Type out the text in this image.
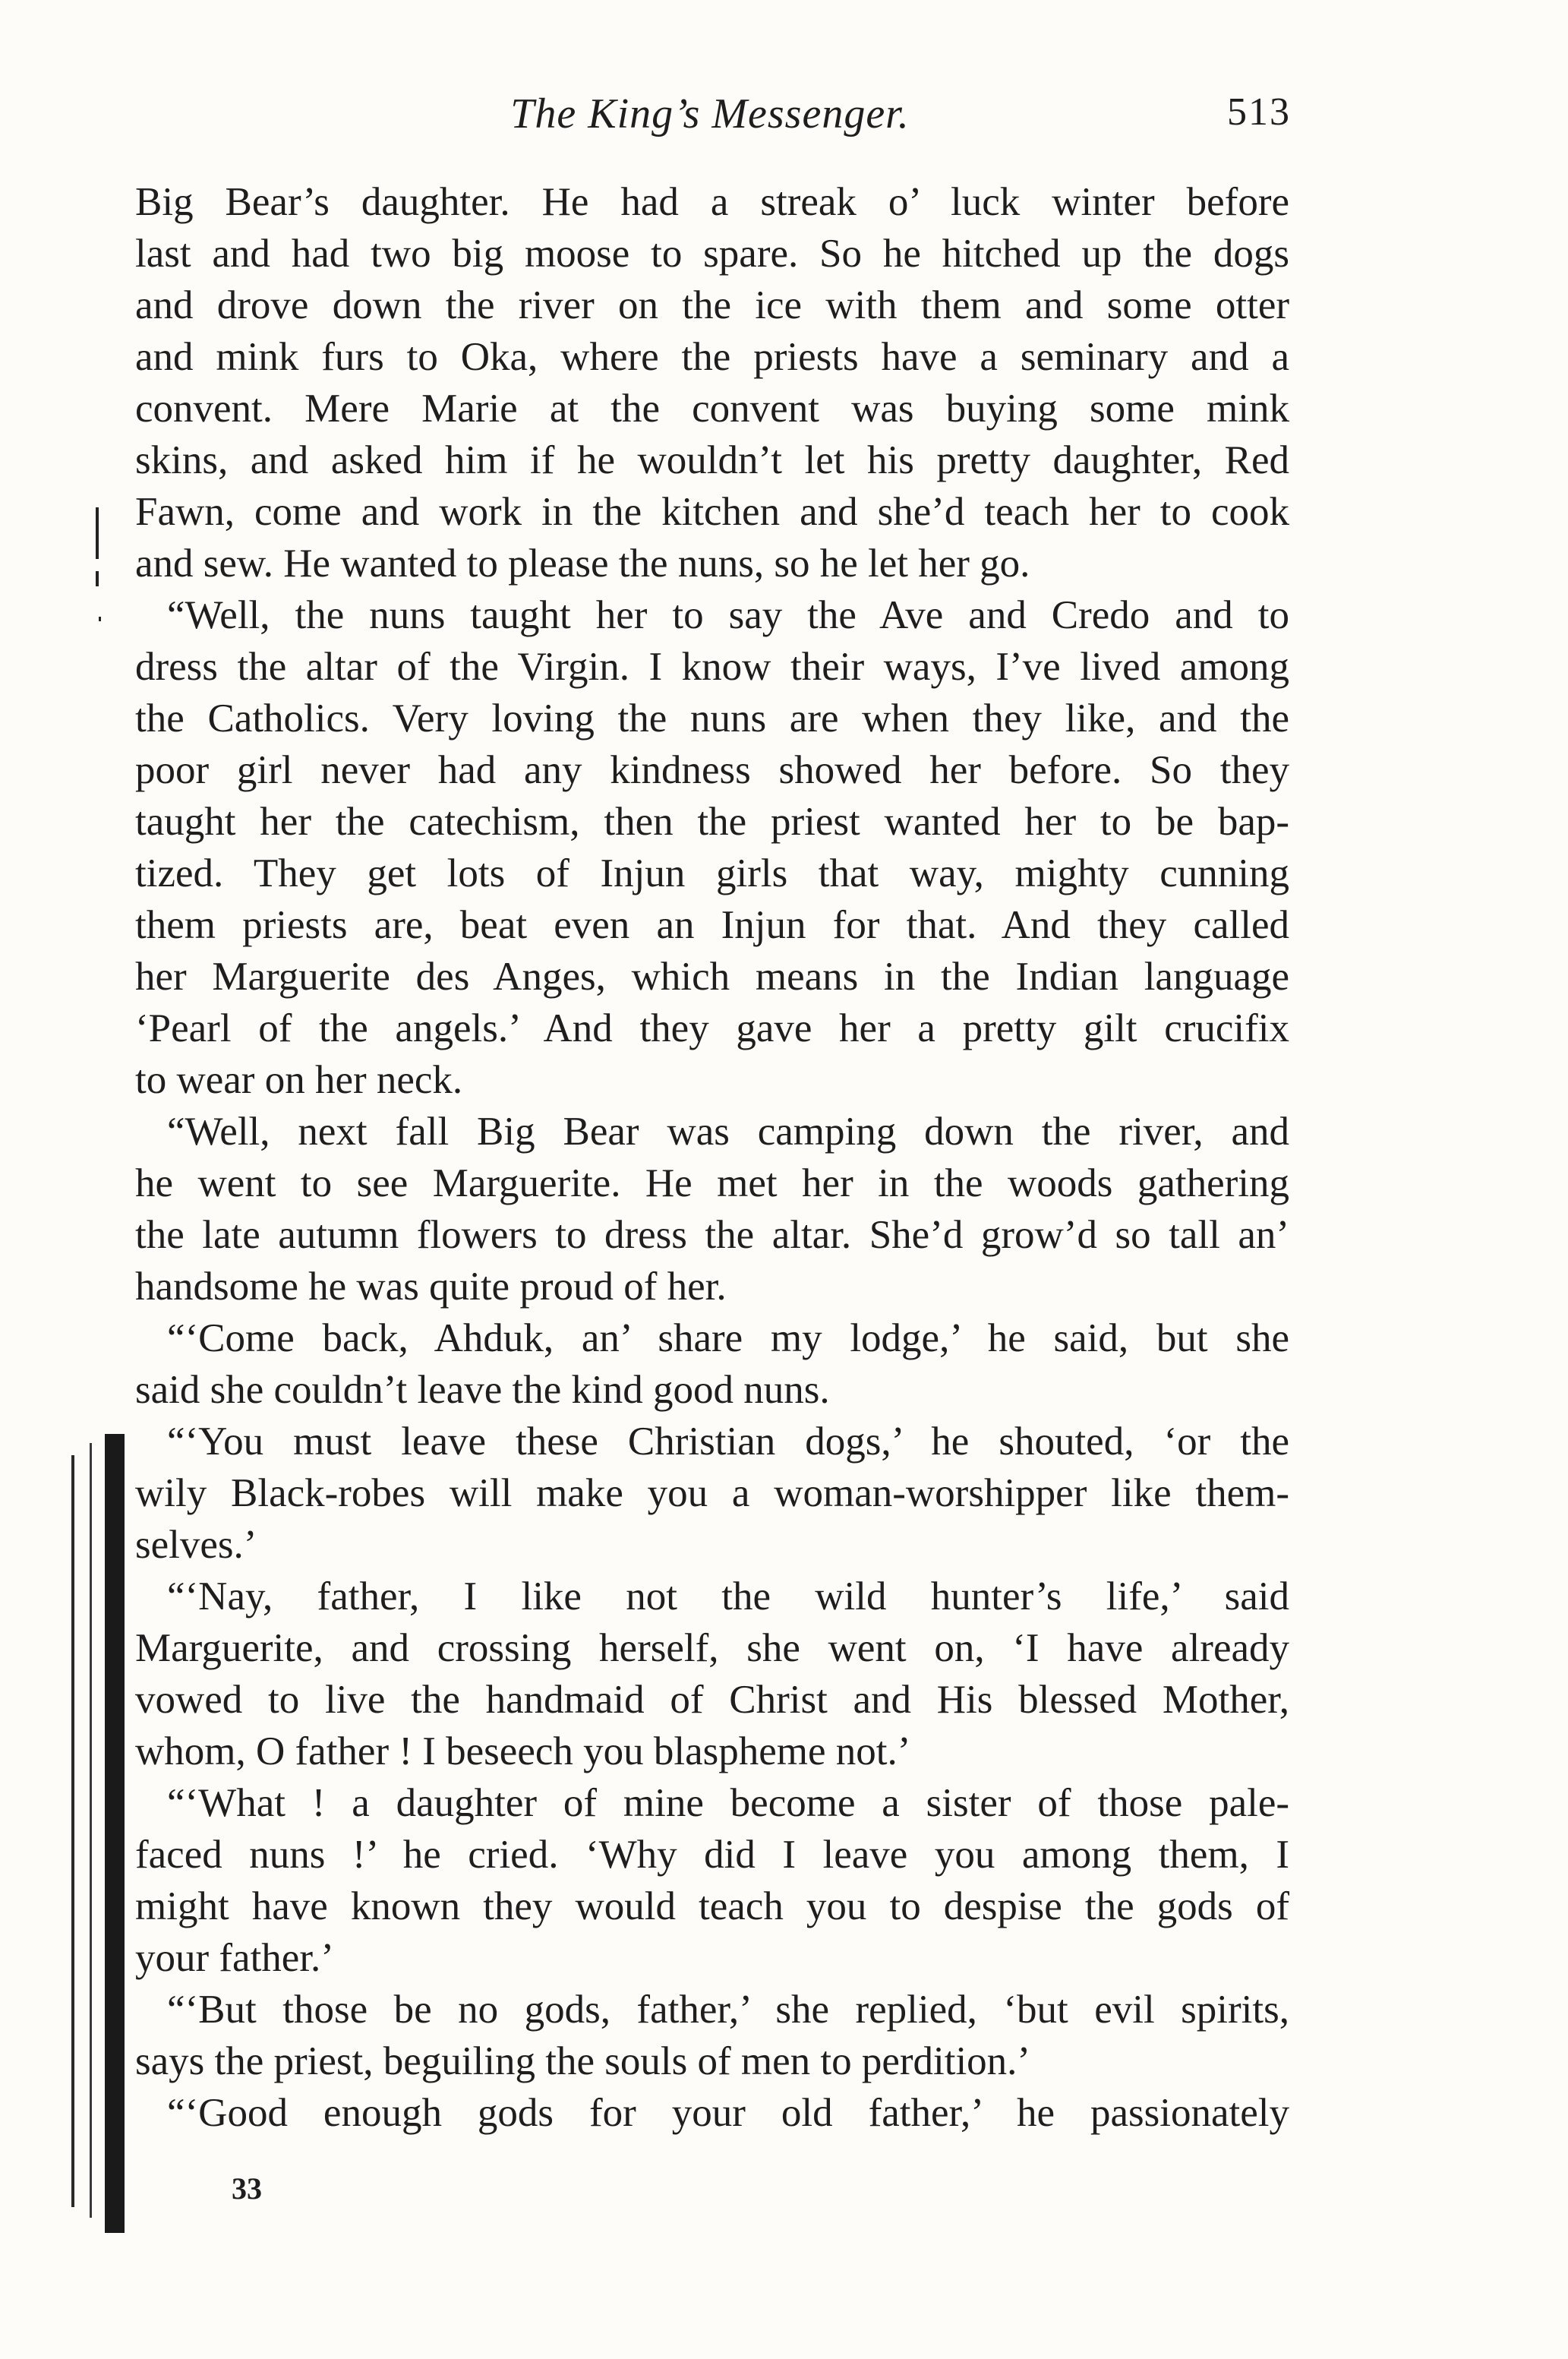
The King’s Messenger.	513
Big Bear’s daughter. He had a streak o’ luck winter before
last and had two big moose to spare. So he hitched up the dogs
and drove down the river on the ice with them and some otter
and mink furs to Oka, where the priests have a seminary and a
convent. Mere Marie at the convent was buying some mink
skins, and asked him if he wouldn’t let his pretty daughter, Red
Fawn, come and work in the kitchen and she’d teach her to cook
and sew. He wanted to please the nuns, so he let her go.
“Well, the nuns taught her to say the Ave and Credo and to
dress the altar of the Virgin. I know their ways, I’ve lived among
the Catholics. Very loving the nuns are when they like, and the
poor girl never had any kindness showed her before. So they
taught her the catechism, then the priest wanted her to be bap-
tized. They get lots of Injun girls that way, mighty cunning
them priests are, beat even an Injun for that. And they called
her Marguerite des Anges, which means in the Indian language
‘Pearl of the angels.’ And they gave her a pretty gilt crucifix
to wear on her neck.
“Well, next fall Big Bear was camping down the river, and
he went to see Marguerite. He met her in the woods gathering
the late autumn flowers to dress the altar. She’d grow’d so tall an’
handsome he was quite proud of her.
“‘Come back, Ahduk, an’ share my lodge,’ he said, but she
said she couldn’t leave the kind good nuns.
“‘You must leave these Christian dogs,’ he shouted, ‘or the
wily Black-robes will make you a woman-worshipper like them-
selves.’
“‘Nay, father, I like not the wild hunter’s life,’ said
Marguerite, and crossing herself, she went on, ‘I have already
vowed to live the handmaid of Christ and His blessed Mother,
whom, O father ! I beseech you blaspheme not.’
“‘What ! a daughter of mine become a sister of those pale-
faced nuns !’ he cried. ‘Why did I leave you among them, I
might have known they would teach you to despise the gods of
your father.’
“‘But those be no gods, father,’ she replied, ‘but evil spirits,
says the priest, beguiling the souls of men to perdition.’
“‘Good enough gods for your old father,’ he passionately
33
